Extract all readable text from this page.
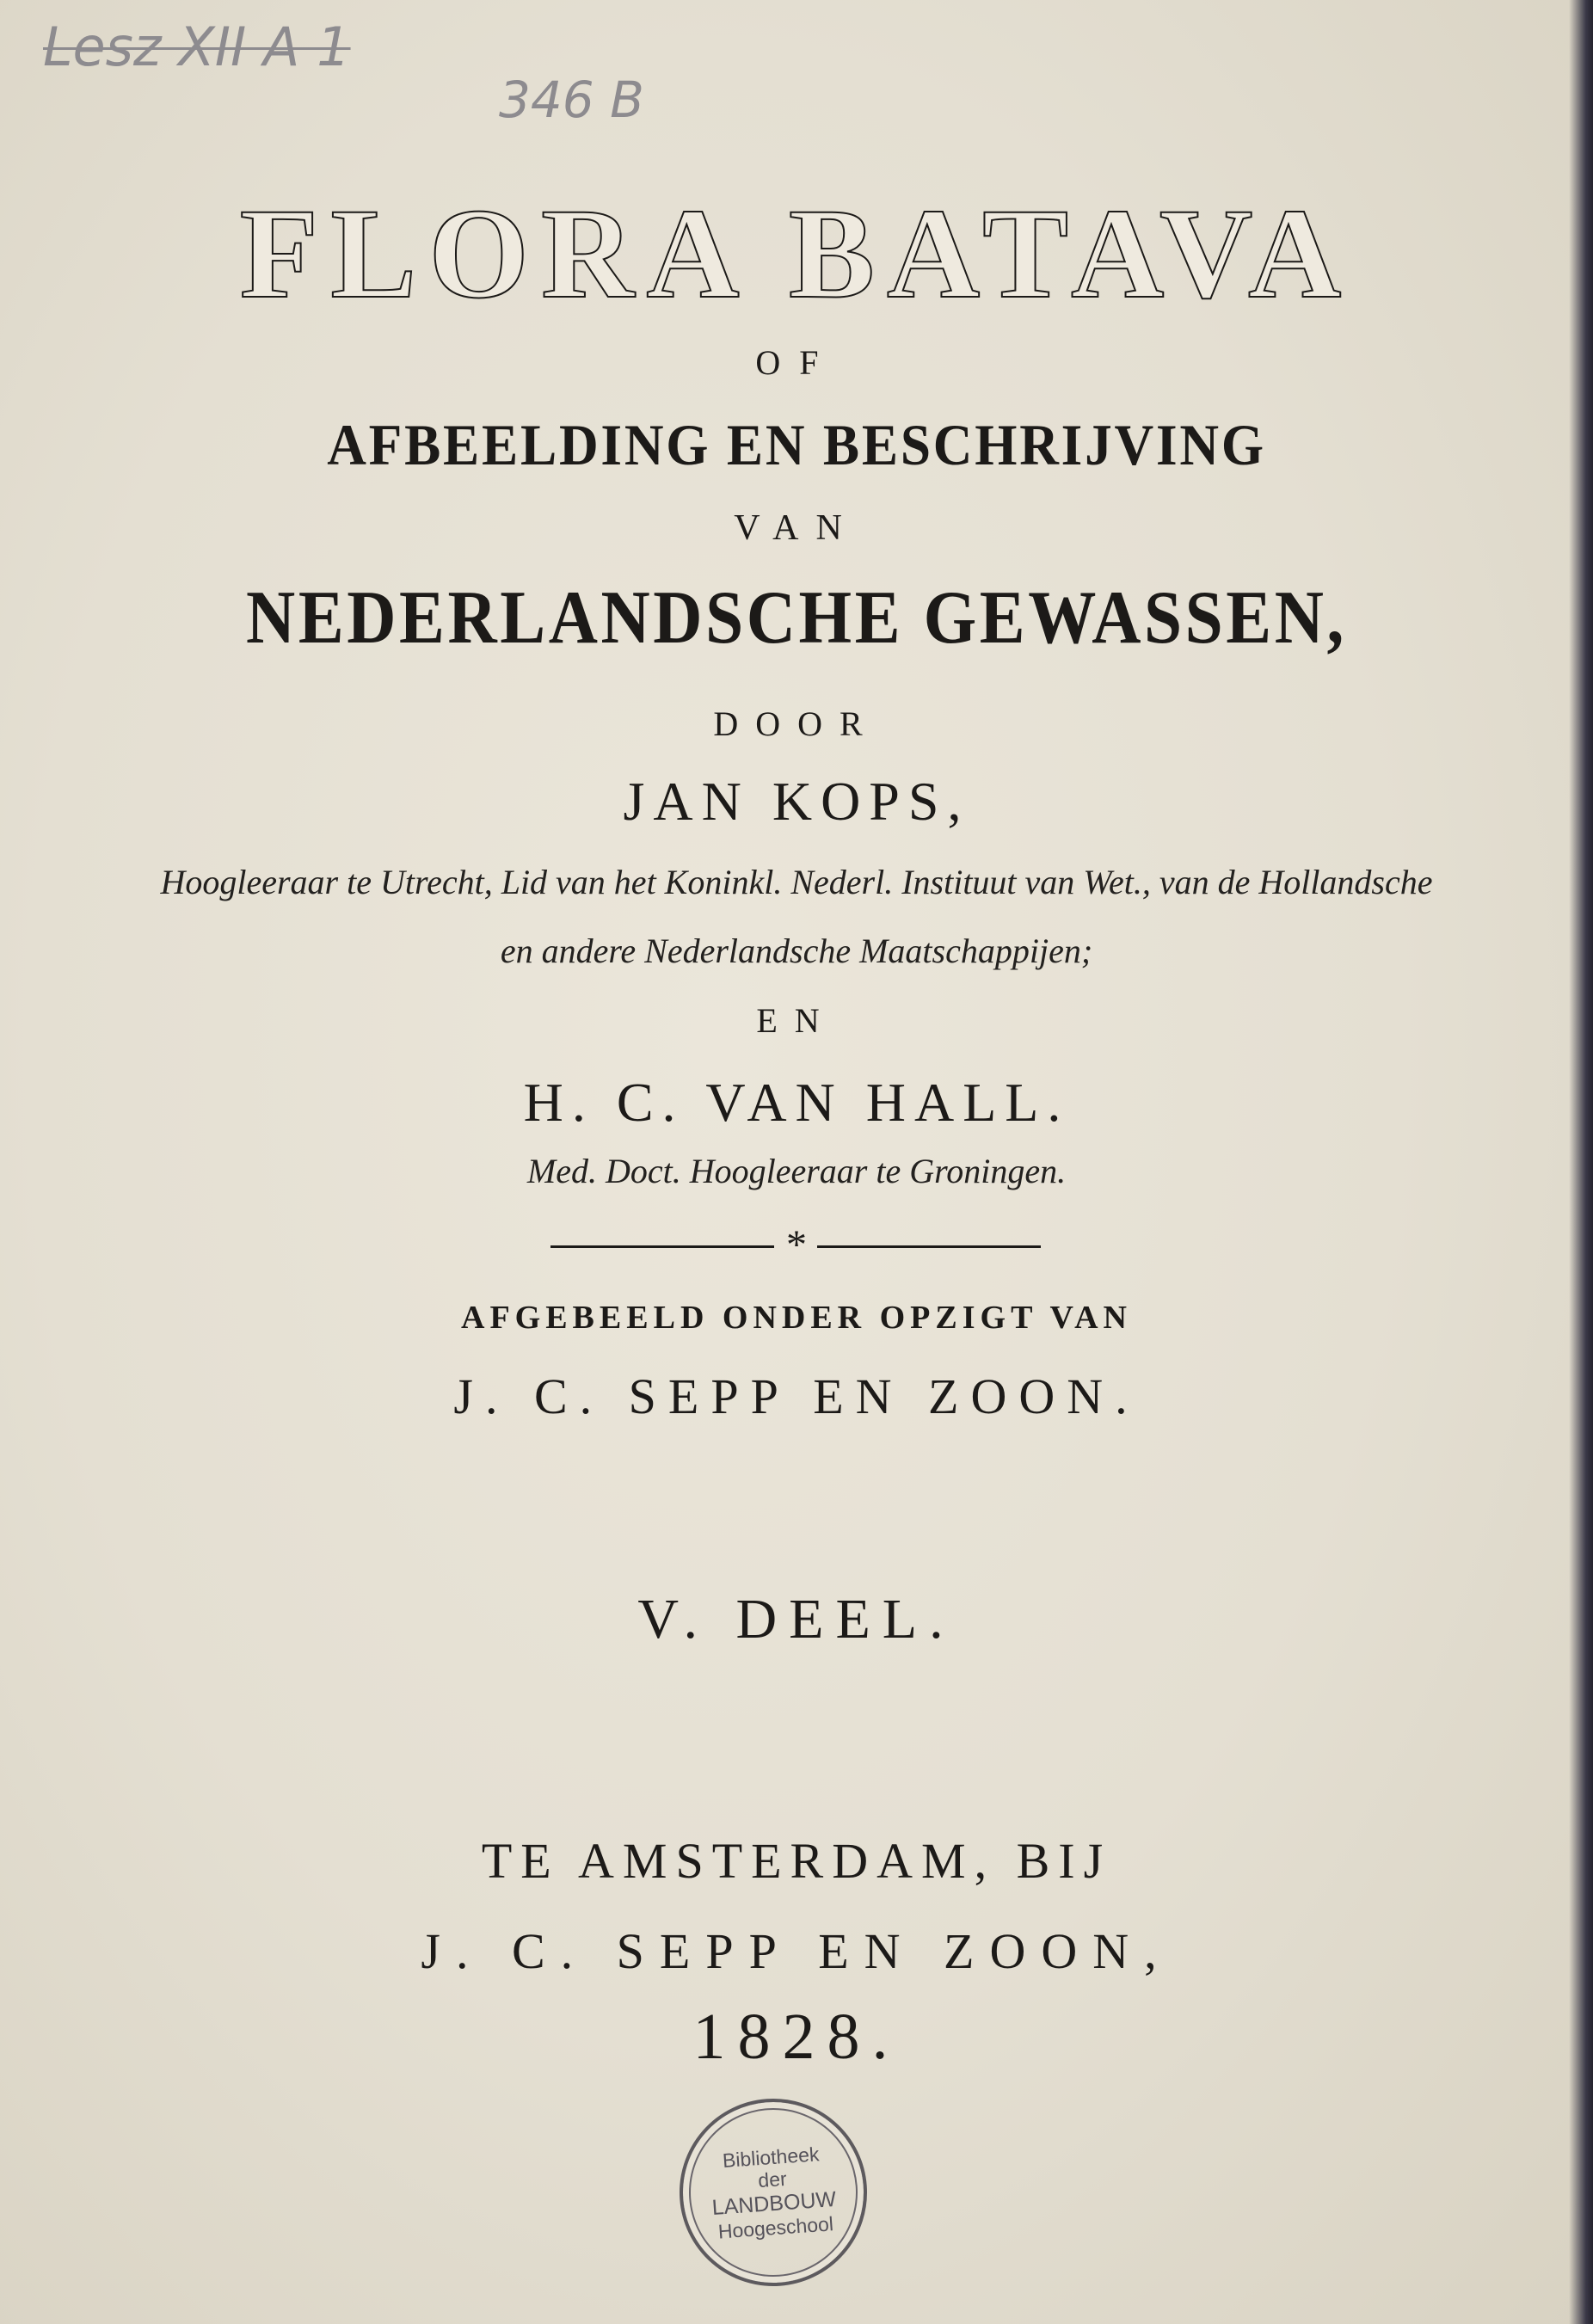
Lesz XII A 1
346 B
FLORA BATAVA
OF
AFBEELDING EN BESCHRIJVING
VAN
NEDERLANDSCHE GEWASSEN,
DOOR
JAN KOPS,
Hoogleeraar te Utrecht, Lid van het Koninkl. Nederl. Instituut van Wet., van de Hollandsche
en andere Nederlandsche Maatschappijen;
EN
H. C. VAN HALL.
Med. Doct. Hoogleeraar te Groningen.
*
AFGEBEELD ONDER OPZIGT VAN
J. C. SEPP EN ZOON.
V. DEEL.
TE AMSTERDAM, BIJ
J. C. SEPP EN ZOON,
1828.
Bibliotheek
der
LANDBOUW
Hoogeschool
